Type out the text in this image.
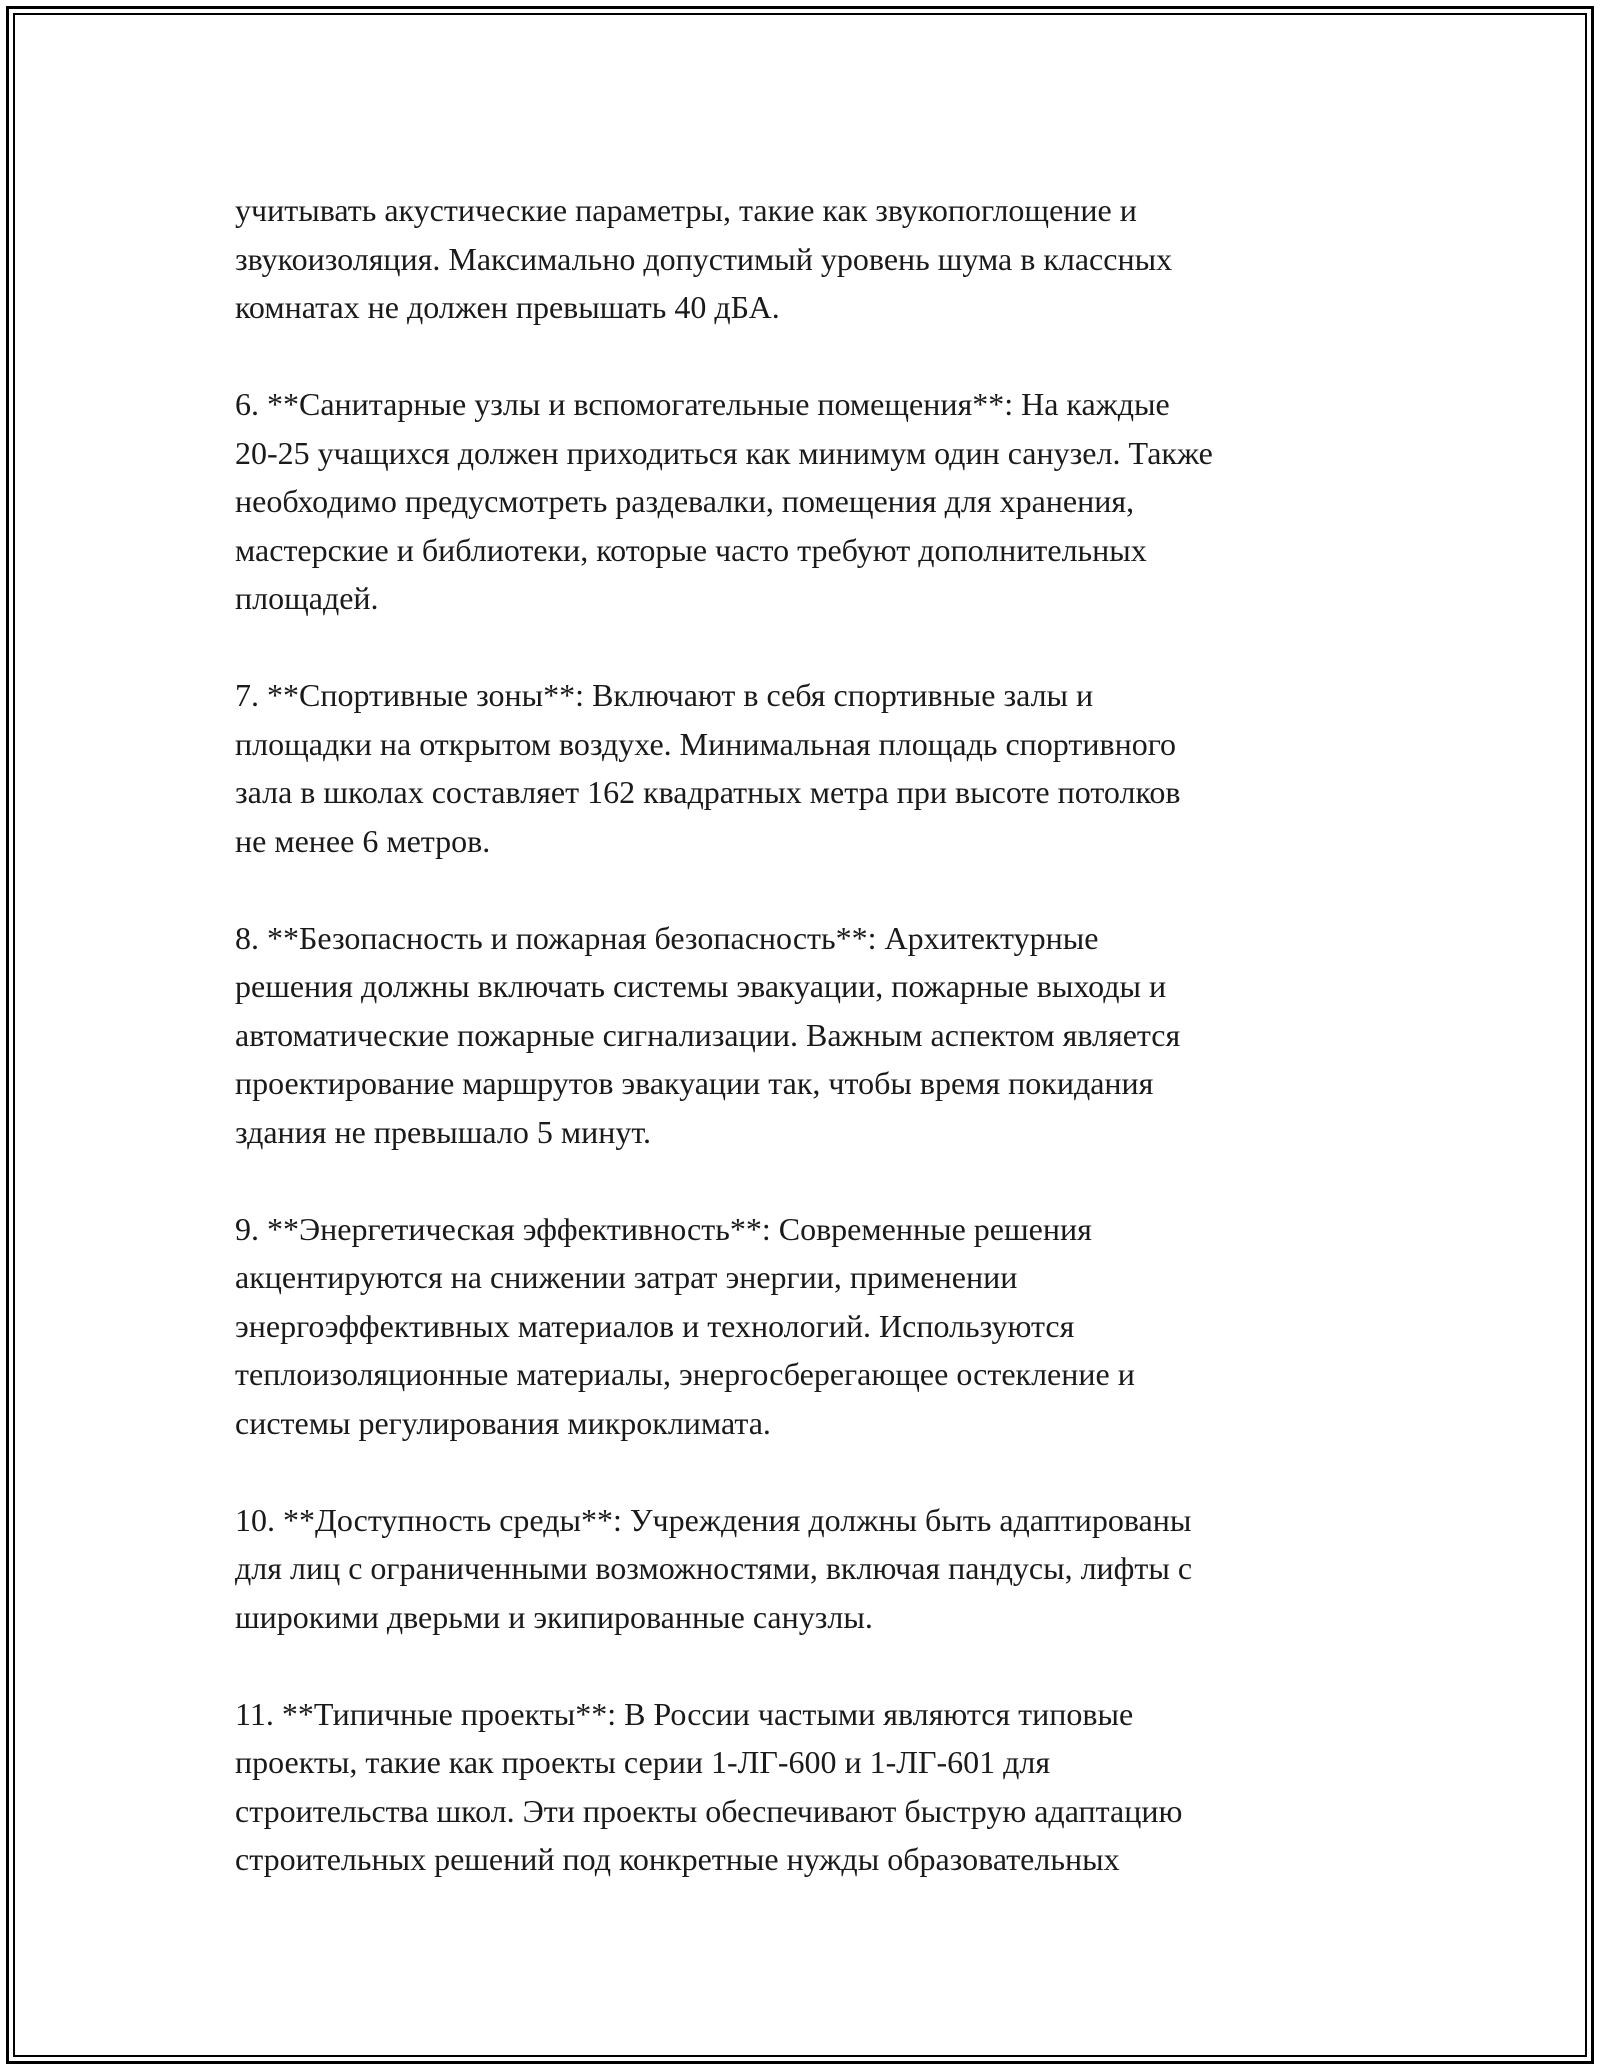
учитывать акустические параметры, такие как звукопоглощение и
звукоизоляция. Максимально допустимый уровень шума в классных
комнатах не должен превышать 40 дБА.

6. **Санитарные узлы и вспомогательные помещения**: На каждые
20-25 учащихся должен приходиться как минимум один санузел. Также
необходимо предусмотреть раздевалки, помещения для хранения,
мастерские и библиотеки, которые часто требуют дополнительных
площадей.

7. **Спортивные зоны**: Включают в себя спортивные залы и
площадки на открытом воздухе. Минимальная площадь спортивного
зала в школах составляет 162 квадратных метра при высоте потолков
не менее 6 метров.

8. **Безопасность и пожарная безопасность**: Архитектурные
решения должны включать системы эвакуации, пожарные выходы и
автоматические пожарные сигнализации. Важным аспектом является
проектирование маршрутов эвакуации так, чтобы время покидания
здания не превышало 5 минут.

9. **Энергетическая эффективность**: Современные решения
акцентируются на снижении затрат энергии, применении
энергоэффективных материалов и технологий. Используются
теплоизоляционные материалы, энергосберегающее остекление и
системы регулирования микроклимата.

10. **Доступность среды**: Учреждения должны быть адаптированы
для лиц с ограниченными возможностями, включая пандусы, лифты с
широкими дверьми и экипированные санузлы.

11. **Типичные проекты**: В России частыми являются типовые
проекты, такие как проекты серии 1-ЛГ-600 и 1-ЛГ-601 для
строительства школ. Эти проекты обеспечивают быструю адаптацию
строительных решений под конкретные нужды образовательных
